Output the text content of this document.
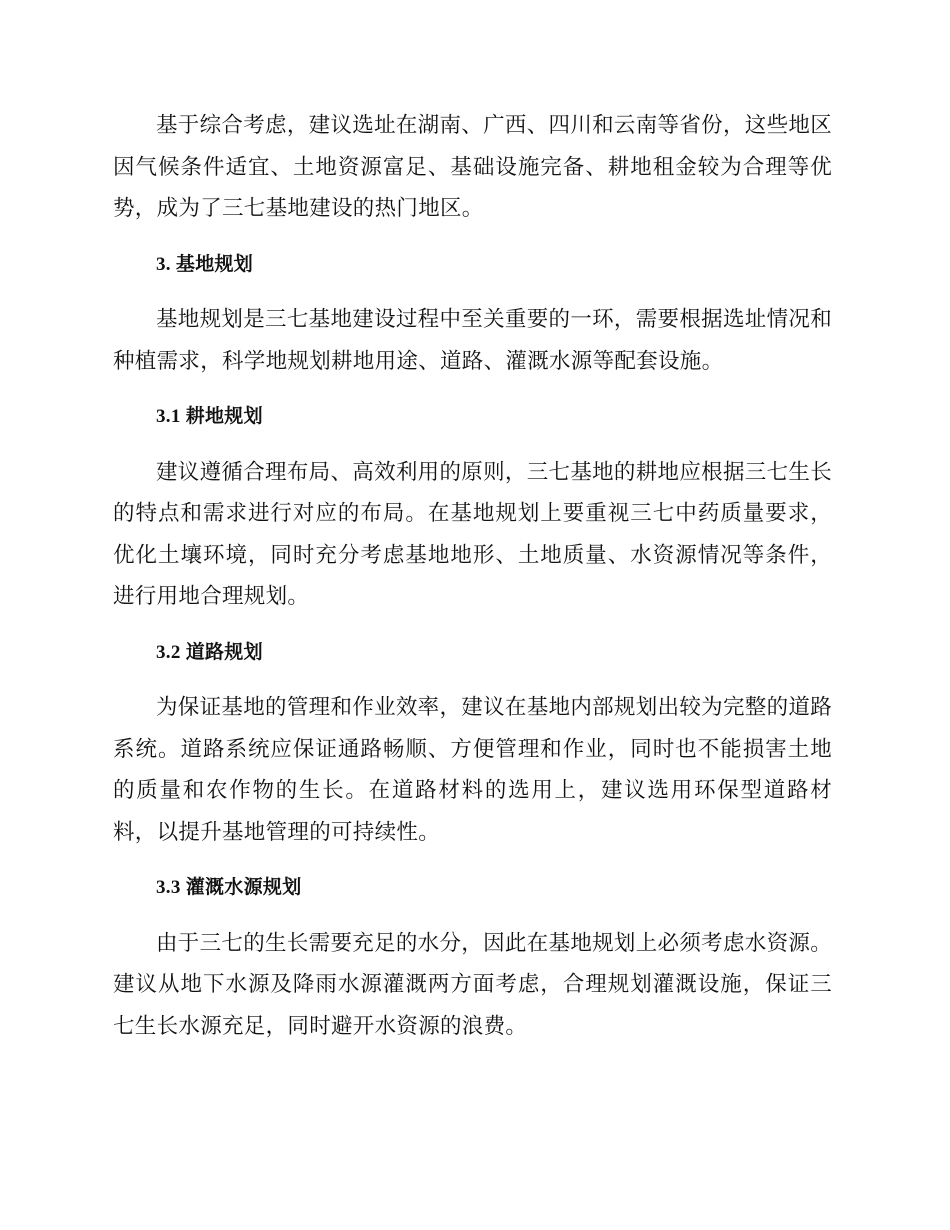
基于综合考虑，建议选址在湖南、广西、四川和云南等省份，这些地区因气候条件适宜、土地资源富足、基础设施完备、耕地租金较为合理等优势，成为了三七基地建设的热门地区。

3. 基地规划

基地规划是三七基地建设过程中至关重要的一环，需要根据选址情况和种植需求，科学地规划耕地用途、道路、灌溉水源等配套设施。

3.1 耕地规划

建议遵循合理布局、高效利用的原则，三七基地的耕地应根据三七生长的特点和需求进行对应的布局。在基地规划上要重视三七中药质量要求，优化土壤环境，同时充分考虑基地地形、土地质量、水资源情况等条件，进行用地合理规划。

3.2 道路规划

为保证基地的管理和作业效率，建议在基地内部规划出较为完整的道路系统。道路系统应保证通路畅顺、方便管理和作业，同时也不能损害土地的质量和农作物的生长。在道路材料的选用上，建议选用环保型道路材料，以提升基地管理的可持续性。

3.3 灌溉水源规划

由于三七的生长需要充足的水分，因此在基地规划上必须考虑水资源。建议从地下水源及降雨水源灌溉两方面考虑，合理规划灌溉设施，保证三七生长水源充足，同时避开水资源的浪费。
